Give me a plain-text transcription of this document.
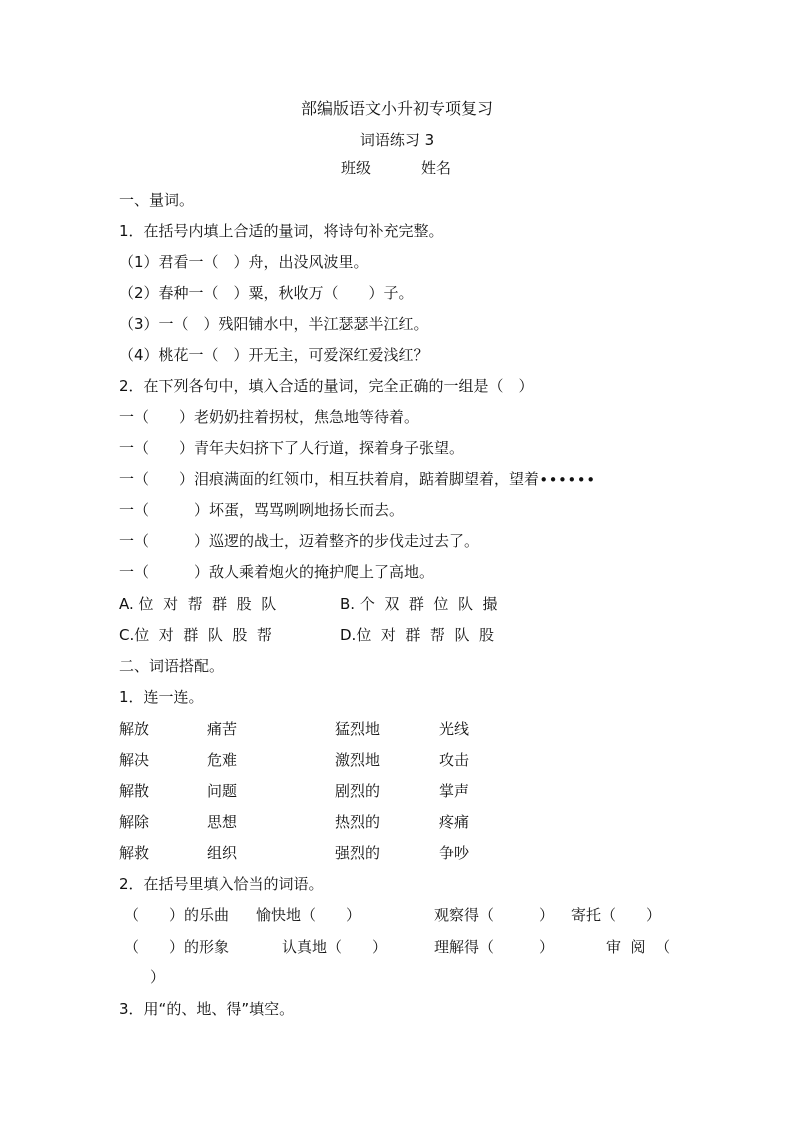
部编版语文小升初专项复习
词语练习 3
班级	姓名
一、量词。
1．在括号内填上合适的量词，将诗句补充完整。
（1）君看一（　）舟，出没风波里。
（2）春种一（　）粟，秋收万（　　）子。
（3）一（　）残阳铺水中，半江瑟瑟半江红。
（4）桃花一（　）开无主，可爱深红爱浅红？
2．在下列各句中，填入合适的量词，完全正确的一组是（　）
一（　　）老奶奶拄着拐杖，焦急地等待着。
一（　　）青年夫妇挤下了人行道，探着身子张望。
一（　　）泪痕满面的红领巾，相互扶着肩，踮着脚望着，望着∙∙∙∙∙∙
一（　　　）坏蛋，骂骂咧咧地扬长而去。
一（　　　）巡逻的战士，迈着整齐的步伐走过去了。
一（　　　）敌人乘着炮火的掩护爬上了高地。
A. 位  对  帮  群  股  队	B. 个  双  群  位  队  撮
C.位  对  群  队  股  帮	D.位  对  群  帮  队  股
二、词语搭配。
1．连一连。
解放	痛苦	猛烈地	光线
解决	危难	激烈地	攻击
解散	问题	剧烈的	掌声
解除	思想	热烈的	疼痛
解救	组织	强烈的	争吵
2．在括号里填入恰当的词语。
（　　）的乐曲 愉快地（　　）	观察得（　　　） 寄托（　　）
（　　）的形象	认真地（　　）	理解得（　　　）	审  阅  （
）
3．用“的、地、得”填空。
